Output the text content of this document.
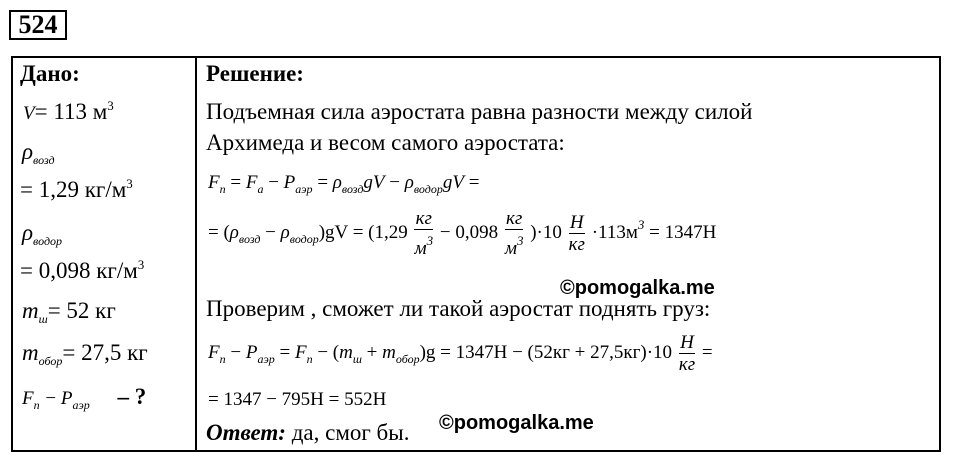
524
Дано:
V= 113 $м^3$
$\rho_{возд}$
= 1,29 $кг/м^3$
$\rho_{водор}$
= 0,098 $кг/м^3$
$m_ш= 52$ кг
$m_{обор}= 27,5$ кг
$F_п - P_{аэр}$ – ?
Решение:
Подъемная сила аэростата равна разности между силой
Архимеда и весом самого аэростата:
$F_п = F_а - P_{аэр} = \rho_{возд}gV - \rho_{водор}gV$ =
= $(\rho_{возд} - \rho_{водор})gV = (1,29 \frac{кг}{м^3} - 0,098 \frac{кг}{м^3} )\cdot 10 \frac{Н}{кг} \cdot 113м^3 = 1347Н$
©pomogalka.me
Проверим , сможет ли такой аэростат поднять груз:
$F_п - P_{аэр} = F_п - (m_ш + m_{обор})g = 1347Н - (52кг + 27,5кг)\cdot 10 \frac{Н}{кг}$ =
= 1347 − 795Н = 552Н
Ответ: да, смог бы. ©pomogalka.me
